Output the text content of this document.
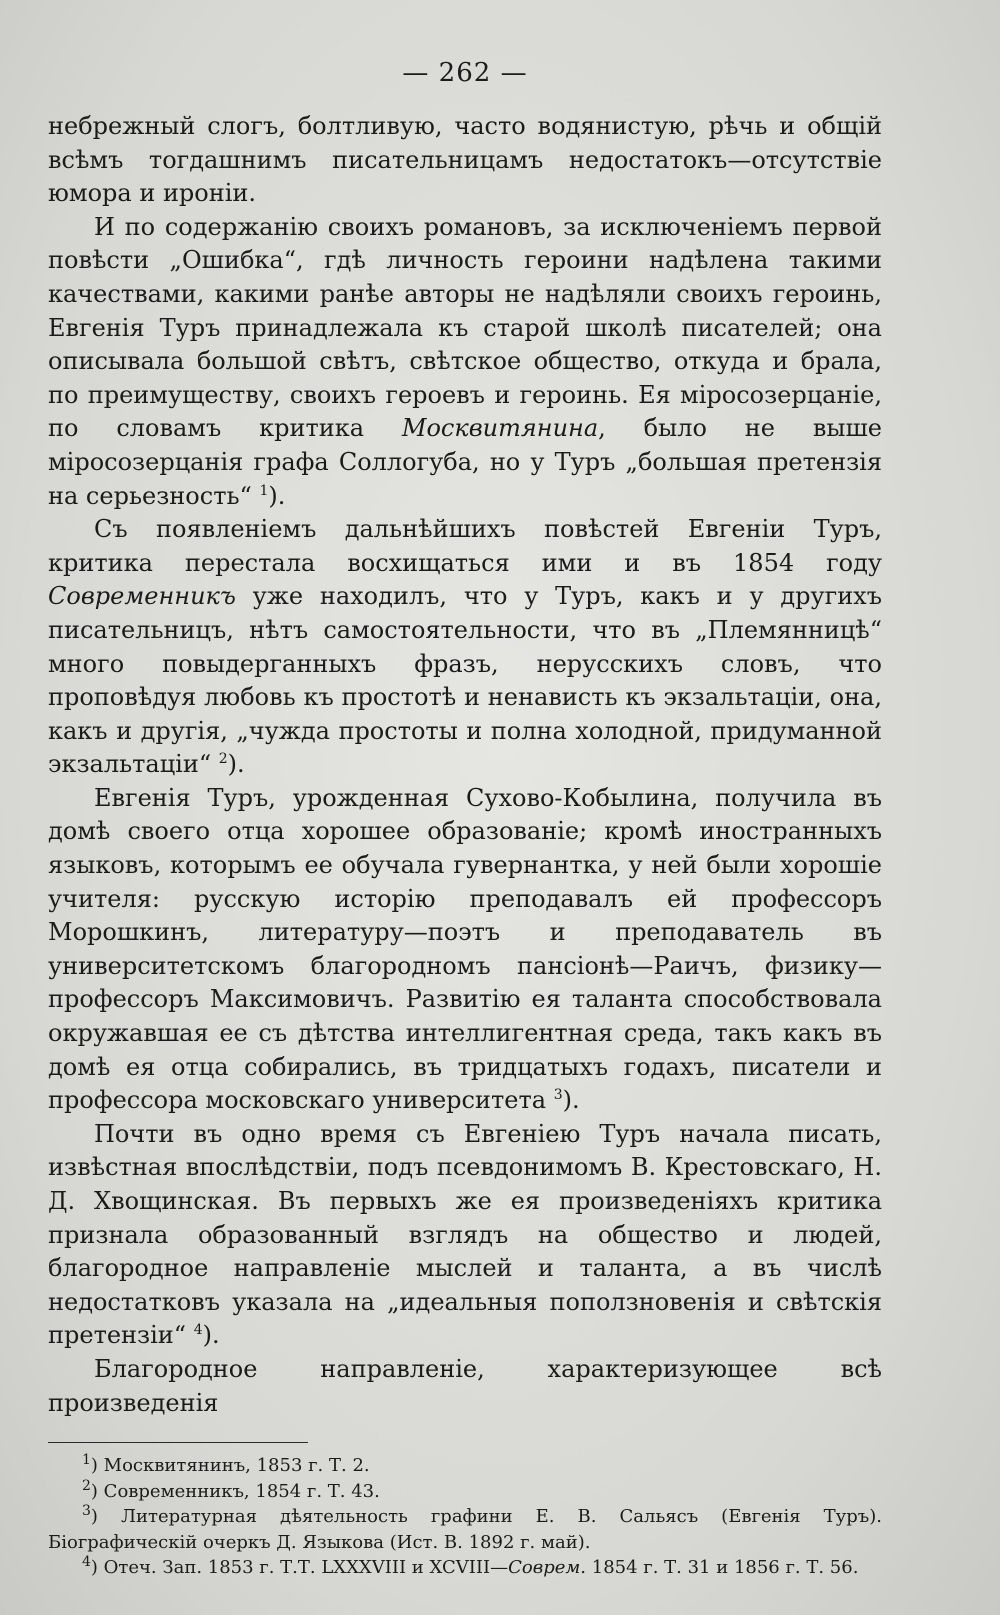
— 262 —

небрежный слогъ, болтливую, часто водянистую, рѣчь и общій всѣмъ тогдашнимъ писательницамъ недостатокъ—отсутствіе юмора и ироніи.

И по содержанію своихъ романовъ, за исключеніемъ первой повѣсти „Ошибка“, гдѣ личность героини надѣлена такими качествами, какими ранѣе авторы не надѣляли своихъ героинь, Евгенія Туръ принадлежала къ старой школѣ писателей; она описывала большой свѣтъ, свѣтское общество, откуда и брала, по преимуществу, своихъ героевъ и героинь. Ея міросозерцаніе, по словамъ критика Москвитянина, было не выше міросозерцанія графа Соллогуба, но у Туръ „большая претензія на серьезность“ $^1$).

Съ появленіемъ дальнѣйшихъ повѣстей Евгеніи Туръ, критика перестала восхищаться ими и въ 1854 году Современникъ уже находилъ, что у Туръ, какъ и у другихъ писательницъ, нѣтъ самостоятельности, что въ „Племянницѣ“ много повыдерганныхъ фразъ, нерусскихъ словъ, что проповѣдуя любовь къ простотѣ и ненависть къ экзальтаціи, она, какъ и другія, „чужда простоты и полна холодной, придуманной экзальтаціи“ $^2$).

Евгенія Туръ, урожденная Сухово-Кобылина, получила въ домѣ своего отца хорошее образованіе; кромѣ иностранныхъ языковъ, которымъ ее обучала гувернантка, у ней были хорошіе учителя: русскую исторію преподавалъ ей профессоръ Морошкинъ, литературу—поэтъ и преподаватель въ университетскомъ благородномъ пансіонѣ—Раичъ, физику—профессоръ Максимовичъ. Развитію ея таланта способствовала окружавшая ее съ дѣтства интеллигентная среда, такъ какъ въ домѣ ея отца собирались, въ тридцатыхъ годахъ, писатели и профессора московскаго университета $^3$).

Почти въ одно время съ Евгеніею Туръ начала писать, извѣстная впослѣдствіи, подъ псевдонимомъ В. Крестовскаго, Н. Д. Хвощинская. Въ первыхъ же ея произведеніяхъ критика признала образованный взглядъ на общество и людей, благородное направленіе мыслей и таланта, а въ числѣ недостатковъ указала на „идеальныя поползновенія и свѣтскія претензіи“ $^4$).

Благородное направленіе, характеризующее всѣ произведенія

$^1$) Москвитянинъ, 1853 г. Т. 2.

$^2$) Современникъ, 1854 г. Т. 43.

$^3$) Литературная дѣятельность графини Е. В. Сальясъ (Евгенія Туръ). Біографическій очеркъ Д. Языкова (Ист. В. 1892 г. май).

$^4$) Отеч. Зап. 1853 г. Т.Т. LXXXVIII и XCVIII—Соврем. 1854 г. Т. 31 и 1856 г. Т. 56.
